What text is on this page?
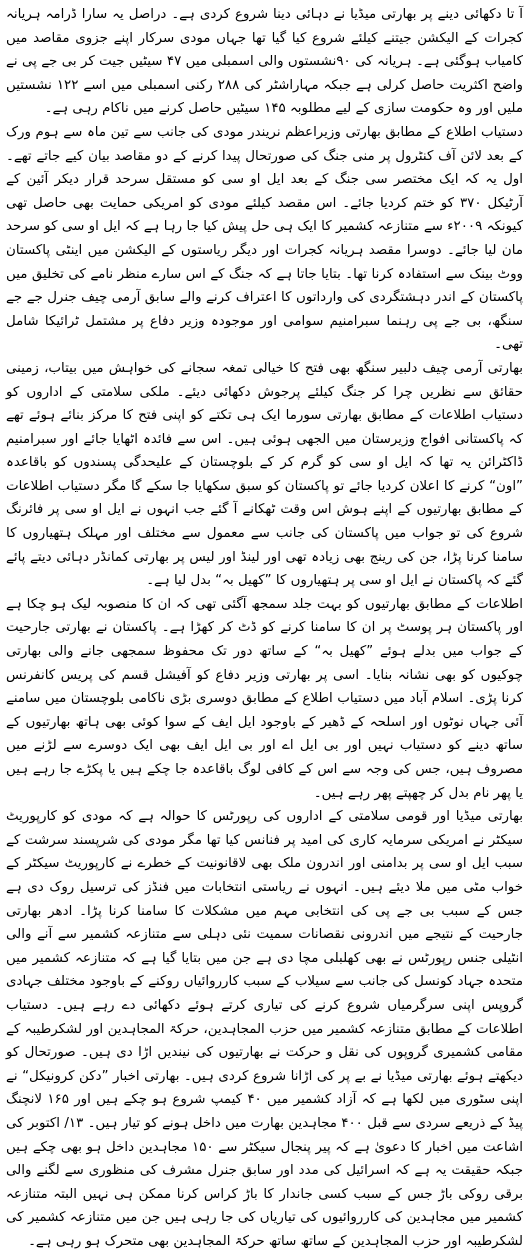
آ تا دکھائی دینے پر بھارتی میڈیا نے دہائی دینا شروع کردی ہے۔ دراصل یہ سارا ڈرامہ ہریانہ کجرات کے الیکشن جیتنے کیلئے شروع کیا گیا تھا جہاں مودی سرکار اپنے جزوی مقاصد میں کامیاب ہوگئی ہے۔ ہریانہ کی ۹۰نشستوں والی اسمبلی میں ۴۷ سیٹیں جیت کر بی جے پی نے واضح اکثریت حاصل کرلی ہے جبکہ مہاراشٹر کی ۲۸۸ رکنی اسمبلی میں اسے ۱۲۲ نشستیں ملیں اور وہ حکومت سازی کے لیے مطلوبہ ۱۴۵ سیٹیں حاصل کرنے میں ناکام رہی ہے۔

دستیاب اطلاع کے مطابق بھارتی وزیراعظم نریندر مودی کی جانب سے تین ماہ سے ہوم ورک کے بعد لائن آف کنٹرول پر منی جنگ کی صورتحال پیدا کرنے کے دو مقاصد بیان کیے جاتے تھے۔ اول یہ کہ ایک مختصر سی جنگ کے بعد ایل او سی کو مستقل سرحد قرار دیکر آئین کے آرٹیکل ۳۷۰ کو ختم کردیا جائے۔ اس مقصد کیلئے مودی کو امریکی حمایت بھی حاصل تھی کیونکہ ۲۰۰۹ء سے متنازعہ کشمیر کا ایک ہی حل پیش کیا جا رہا ہے کہ ایل او سی کو سرحد مان لیا جائے۔ دوسرا مقصد ہریانہ کجرات اور دیگر ریاستوں کے الیکشن میں اینٹی پاکستان ووٹ بینک سے استفادہ کرنا تھا۔ بتایا جاتا ہے کہ جنگ کے اس سارے منظر نامے کی تخلیق میں پاکستان کے اندر دہشتگردی کی وارداتوں کا اعتراف کرنے والے سابق آرمی چیف جنرل جے جے سنگھ، بی جے پی رہنما سبرامنیم سوامی اور موجودہ وزیر دفاع پر مشتمل ٹرائیکا شامل تھی۔

بھارتی آرمی چیف دلبیر سنگھ بھی فتح کا خیالی تمغہ سجانے کی خواہش میں بیتاب، زمینی حقائق سے نظریں چرا کر جنگ کیلئے پرجوش دکھائی دیئے۔ ملکی سلامتی کے اداروں کو دستیاب اطلاعات کے مطابق بھارتی سورما ایک ہی تکتے کو اپنی فتح کا مرکز بنائے ہوئے تھے کہ پاکستانی افواج وزیرستان میں الجھی ہوئی ہیں۔ اس سے فائدہ اٹھایا جائے اور سبرامنیم ڈاکٹرائن یہ تھا کہ ایل او سی کو گرم کر کے بلوچستان کے علیحدگی پسندوں کو باقاعدہ ”اون“ کرنے کا اعلان کردیا جائے تو پاکستان کو سبق سکھایا جا سکے گا مگر دستیاب اطلاعات کے مطابق بھارتیوں کے اپنے ہوش اس وقت ٹھکانے آ گئے جب انہوں نے ایل او سی پر فائرنگ شروع کی تو جواب میں پاکستان کی جانب سے معمول سے مختلف اور مہلک ہتھیاروں کا سامنا کرنا پڑا، جن کی رینج بھی زیادہ تھی اور لینڈ اور لیس پر بھارتی کمانڈر دہائی دیتے پائے گئے کہ پاکستان نے ایل او سی پر ہتھیاروں کا ”کھیل بہ“ بدل لیا ہے۔

اطلاعات کے مطابق بھارتیوں کو بہت جلد سمجھ آگئی تھی کہ ان کا منصوبہ لیک ہو چکا ہے اور پاکستان ہر پوسٹ پر ان کا سامنا کرنے کو ڈٹ کر کھڑا ہے۔ پاکستان نے بھارتی جارحیت کے جواب میں بدلے ہوئے ”کھیل بہ“ کے ساتھ دور تک محفوظ سمجھی جانے والی بھارتی چوکیوں کو بھی نشانہ بنایا۔ اسی پر بھارتی وزیر دفاع کو آفیشل قسم کی پریس کانفرنس کرنا پڑی۔ اسلام آباد میں دستیاب اطلاع کے مطابق دوسری بڑی ناکامی بلوچستان میں سامنے آئی جہاں نوٹوں اور اسلحہ کے ڈھیر کے باوجود ایل ایف کے سوا کوئی بھی ہاتھ بھارتیوں کے ساتھ دینے کو دستیاب نہیں اور بی ایل اے اور بی ایل ایف بھی ایک دوسرے سے لڑنے میں مصروف ہیں، جس کی وجہ سے اس کے کافی لوگ باقاعدہ جا چکے ہیں یا پکڑے جا رہے ہیں یا پھر نام بدل کر چھپتے پھر رہے ہیں۔

بھارتی میڈیا اور قومی سلامتی کے اداروں کی رپورٹس کا حوالہ ہے کہ مودی کو کارپوریٹ سیکٹر نے امریکی سرمایہ کاری کی امید پر فنانس کیا تھا مگر مودی کی شرپسند سرشت کے سبب ایل او سی پر بدامنی اور اندرون ملک بھی لاقانونیت کے خطرے نے کارپوریٹ سیکٹر کے خواب مٹی میں ملا دیئے ہیں۔ انہوں نے ریاستی انتخابات میں فنڈز کی ترسیل روک دی ہے جس کے سبب بی جے پی کی انتخابی مہم میں مشکلات کا سامنا کرنا پڑا۔ ادھر بھارتی جارحیت کے نتیجے میں اندرونی نقصانات سمیت نئی دہلی سے متنازعہ کشمیر سے آنے والی انٹیلی جنس رپورٹس نے بھی کھلبلی مچا دی ہے جن میں بتایا گیا ہے کہ متنازعہ کشمیر میں متحدہ جہاد کونسل کی جانب سے سیلاب کے سبب کارروائیاں روکنے کے باوجود مختلف جہادی گروپس اپنی سرگرمیاں شروع کرنے کی تیاری کرتے ہوئے دکھائی دے رہے ہیں۔ دستیاب اطلاعات کے مطابق متنازعہ کشمیر میں حزب المجاہدین، حرکۃ المجاہدین اور لشکرطیبہ کے مقامی کشمیری گروپوں کی نقل و حرکت نے بھارتیوں کی نیندیں اڑا دی ہیں۔ صورتحال کو دیکھتے ہوئے بھارتی میڈیا نے بے پر کی اڑانا شروع کردی ہیں۔ بھارتی اخبار ”دکن کرونیکل“ نے اپنی سٹوری میں لکھا ہے کہ آزاد کشمیر میں ۴۰ کیمپ شروع ہو چکے ہیں اور ۱۶۵ لانچنگ پیڈ کے ذریعے سردی سے قبل ۴۰۰ مجاہدین بھارت میں داخل ہونے کو تیار ہیں۔ ۱۳/ اکتوبر کی اشاعت میں اخبار کا دعویٰ ہے کہ پیر پنجال سیکٹر سے ۱۵۰ مجاہدین داخل ہو بھی چکے ہیں جبکہ حقیقت یہ ہے کہ اسرائیل کی مدد اور سابق جنرل مشرف کی منظوری سے لگنے والی برقی روکی باڑ جس کے سبب کسی جاندار کا باڑ کراس کرنا ممکن ہی نہیں البتہ متنازعہ کشمیر میں مجاہدین کی کارروائیوں کی تیاریاں کی جا رہی ہیں جن میں متنازعہ کشمیر کی لشکرطیبہ اور حزب المجاہدین کے ساتھ ساتھ حرکۃ المجاہدین بھی متحرک ہو رہی ہے۔
